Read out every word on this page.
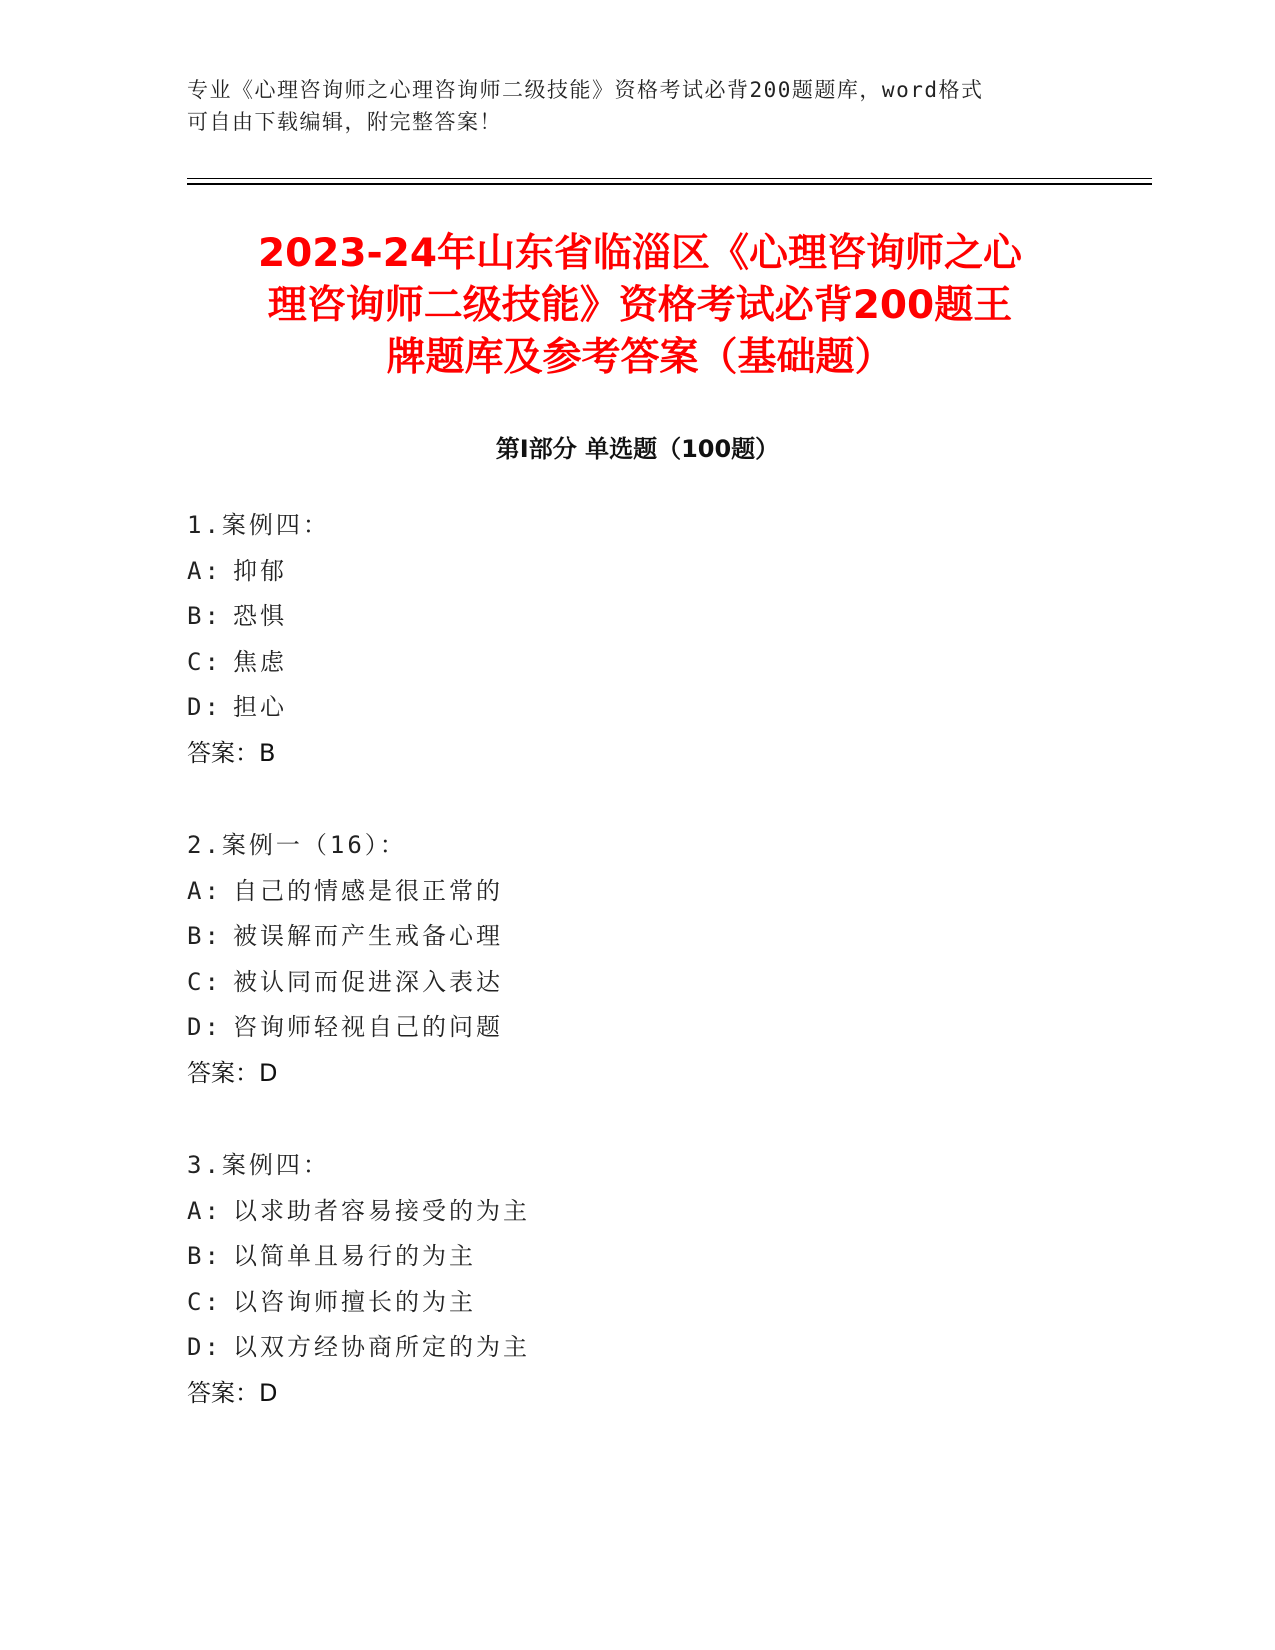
专业《心理咨询师之心理咨询师二级技能》资格考试必背200题题库，word格式
可自由下载编辑，附完整答案！
2023-24年山东省临淄区《心理咨询师之心
理咨询师二级技能》资格考试必背200题王
牌题库及参考答案（基础题）
第Ⅰ部分 单选题（100题）
1.案例四：
A: 抑郁
B: 恐惧
C: 焦虑
D: 担心
答案：B
2.案例一（16）：
A: 自己的情感是很正常的
B: 被误解而产生戒备心理
C: 被认同而促进深入表达
D: 咨询师轻视自己的问题
答案：D
3.案例四：
A: 以求助者容易接受的为主
B: 以简单且易行的为主
C: 以咨询师擅长的为主
D: 以双方经协商所定的为主
答案：D
